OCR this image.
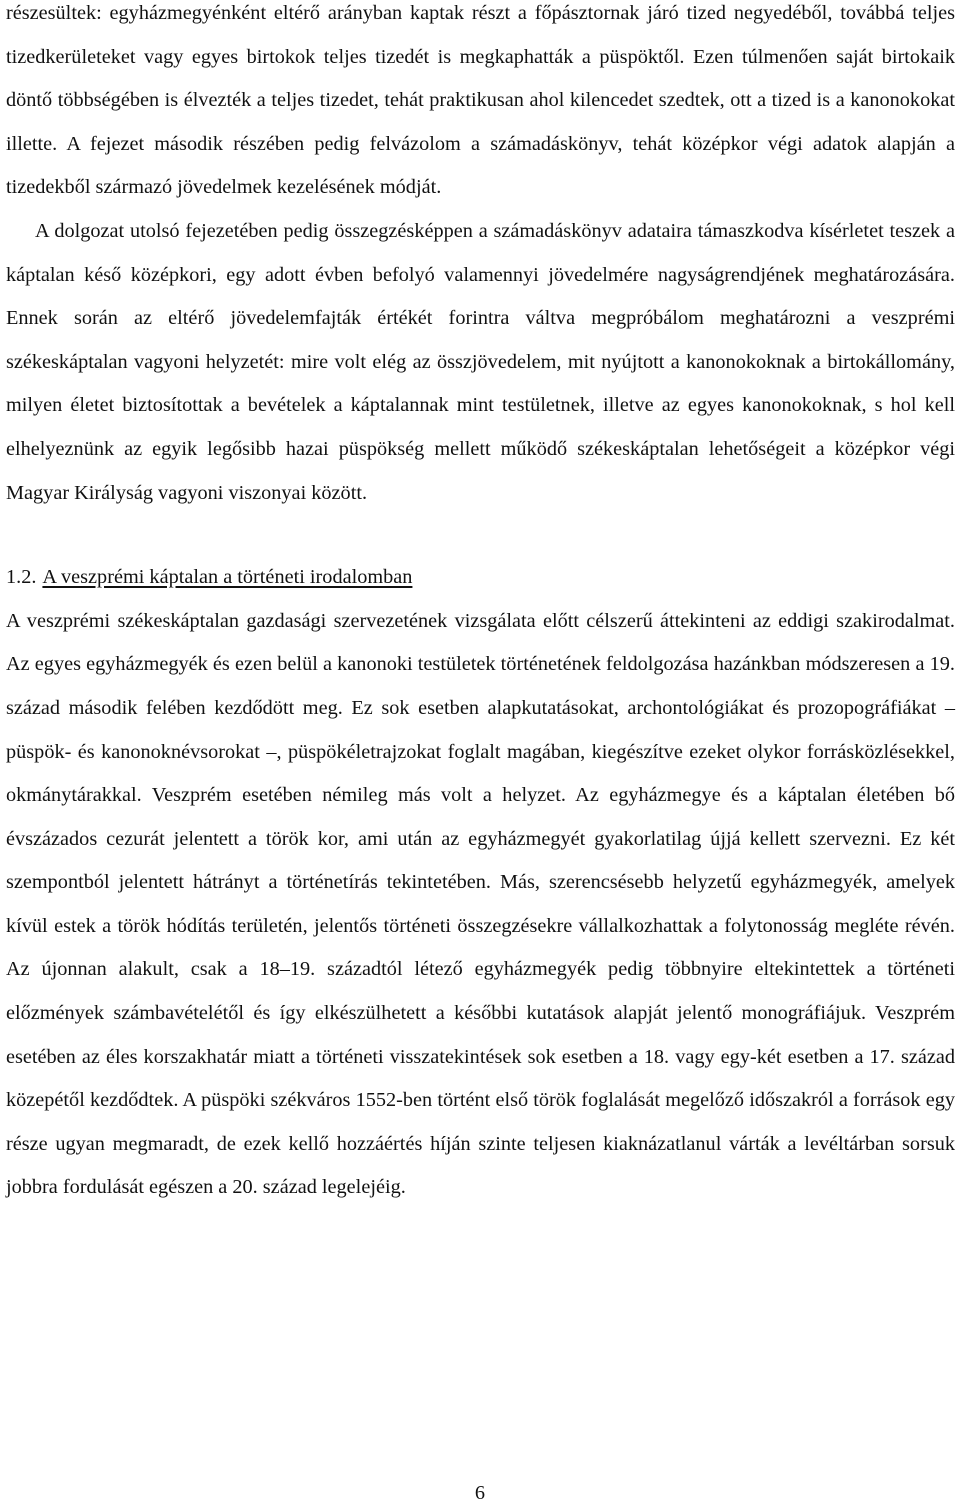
részesültek: egyházmegyénként eltérő arányban kaptak részt a főpásztornak járó tized negyedéből, továbbá teljes tizedkerületeket vagy egyes birtokok teljes tizedét is megkaphatták a püspöktől. Ezen túlmenően saját birtokaik döntő többségében is élvezték a teljes tizedet, tehát praktikusan ahol kilencedet szedtek, ott a tized is a kanonokokat illette. A fejezet második részében pedig felvázolom a számadáskönyv, tehát középkor végi adatok alapján a tizedekből származó jövedelmek kezelésének módját.

A dolgozat utolsó fejezetében pedig összegzésképpen a számadáskönyv adataira támaszkodva kísérletet teszek a káptalan késő középkori, egy adott évben befolyó valamennyi jövedelmére nagyságrendjének meghatározására. Ennek során az eltérő jövedelemfajták értékét forintra váltva megpróbálom meghatározni a veszprémi székeskáptalan vagyoni helyzetét: mire volt elég az összjövedelem, mit nyújtott a kanonokoknak a birtokállomány, milyen életet biztosítottak a bevételek a káptalannak mint testületnek, illetve az egyes kanonokoknak, s hol kell elhelyeznünk az egyik legősibb hazai püspökség mellett működő székeskáptalan lehetőségeit a középkor végi Magyar Királyság vagyoni viszonyai között.

1.2. A veszprémi káptalan a történeti irodalomban

A veszprémi székeskáptalan gazdasági szervezetének vizsgálata előtt célszerű áttekinteni az eddigi szakirodalmat. Az egyes egyházmegyék és ezen belül a kanonoki testületek történetének feldolgozása hazánkban módszeresen a 19. század második felében kezdődött meg. Ez sok esetben alapkutatásokat, archontológiákat és prozopográfiákat – püspök- és kanonoknévsorokat –, püspökéletrajzokat foglalt magában, kiegészítve ezeket olykor forrásközlésekkel, okmánytárakkal. Veszprém esetében némileg más volt a helyzet. Az egyházmegye és a káptalan életében bő évszázados cezurát jelentett a török kor, ami után az egyházmegyét gyakorlatilag újjá kellett szervezni. Ez két szempontból jelentett hátrányt a történetírás tekintetében. Más, szerencsésebb helyzetű egyházmegyék, amelyek kívül estek a török hódítás területén, jelentős történeti összegzésekre vállalkozhattak a folytonosság megléte révén. Az újonnan alakult, csak a 18–19. századtól létező egyházmegyék pedig többnyire eltekintettek a történeti előzmények számbavételétől és így elkészülhetett a későbbi kutatások alapját jelentő monográfiájuk. Veszprém esetében az éles korszakhatár miatt a történeti visszatekintések sok esetben a 18. vagy egy-két esetben a 17. század közepétől kezdődtek. A püspöki székváros 1552-ben történt első török foglalását megelőző időszakról a források egy része ugyan megmaradt, de ezek kellő hozzáértés híján szinte teljesen kiaknázatlanul várták a levéltárban sorsuk jobbra fordulását egészen a 20. század legelejéig.

6
